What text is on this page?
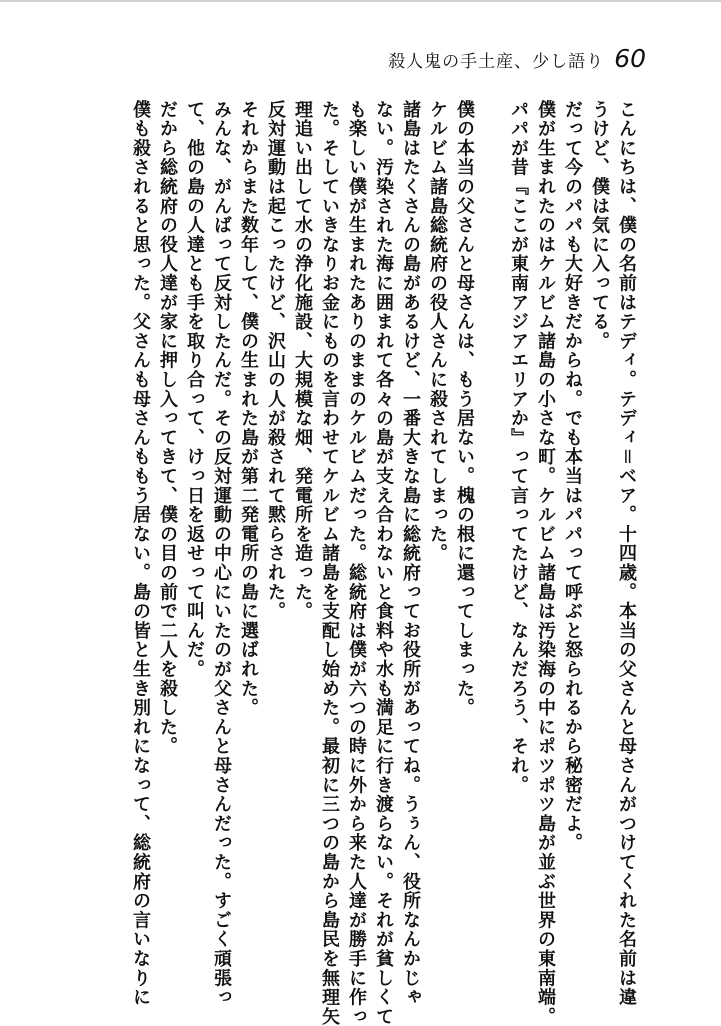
殺人鬼の手土産、少し語り 60
こんにちは、僕の名前はテディ。テディ＝ベア。十四歳。本当の父さんと母さんがつけてくれた名前は違
うけど、僕は気に入ってる。
だって今のパパも大好きだからね。でも本当はパパって呼ぶと怒られるから秘密だよ。
僕が生まれたのはケルビム諸島の小さな町。ケルビム諸島は汚染海の中にポツポツ島が並ぶ世界の東南端。
パパが昔『ここが東南アジアエリアか』って言ってたけど、なんだろう、それ。
僕の本当の父さんと母さんは、もう居ない。槐の根に還ってしまった。
ケルビム諸島総統府の役人さんに殺されてしまった。
諸島はたくさんの島があるけど、一番大きな島に総統府ってお役所があってね。うぅん、役所なんかじゃ
ない。汚染された海に囲まれて各々の島が支え合わないと食料や水も満足に行き渡らない。それが貧しくて
も楽しい僕が生まれたありのままのケルビムだった。総統府は僕が六つの時に外から来た人達が勝手に作っ
た。そしていきなりお金にものを言わせてケルビム諸島を支配し始めた。最初に三つの島から島民を無理矢
理追い出して水の浄化施設、大規模な畑、発電所を造った。
反対運動は起こったけど、沢山の人が殺されて黙らされた。
それからまた数年して、僕の生まれた島が第二発電所の島に選ばれた。
みんな、がんばって反対したんだ。その反対運動の中心にいたのが父さんと母さんだった。すごく頑張っ
て、他の島の人達とも手を取り合って、けっ日を返せって叫んだ。
だから総統府の役人達が家に押し入ってきて、僕の目の前で二人を殺した。
僕も殺されると思った。父さんも母さんももう居ない。島の皆と生き別れになって、総統府の言いなりに
